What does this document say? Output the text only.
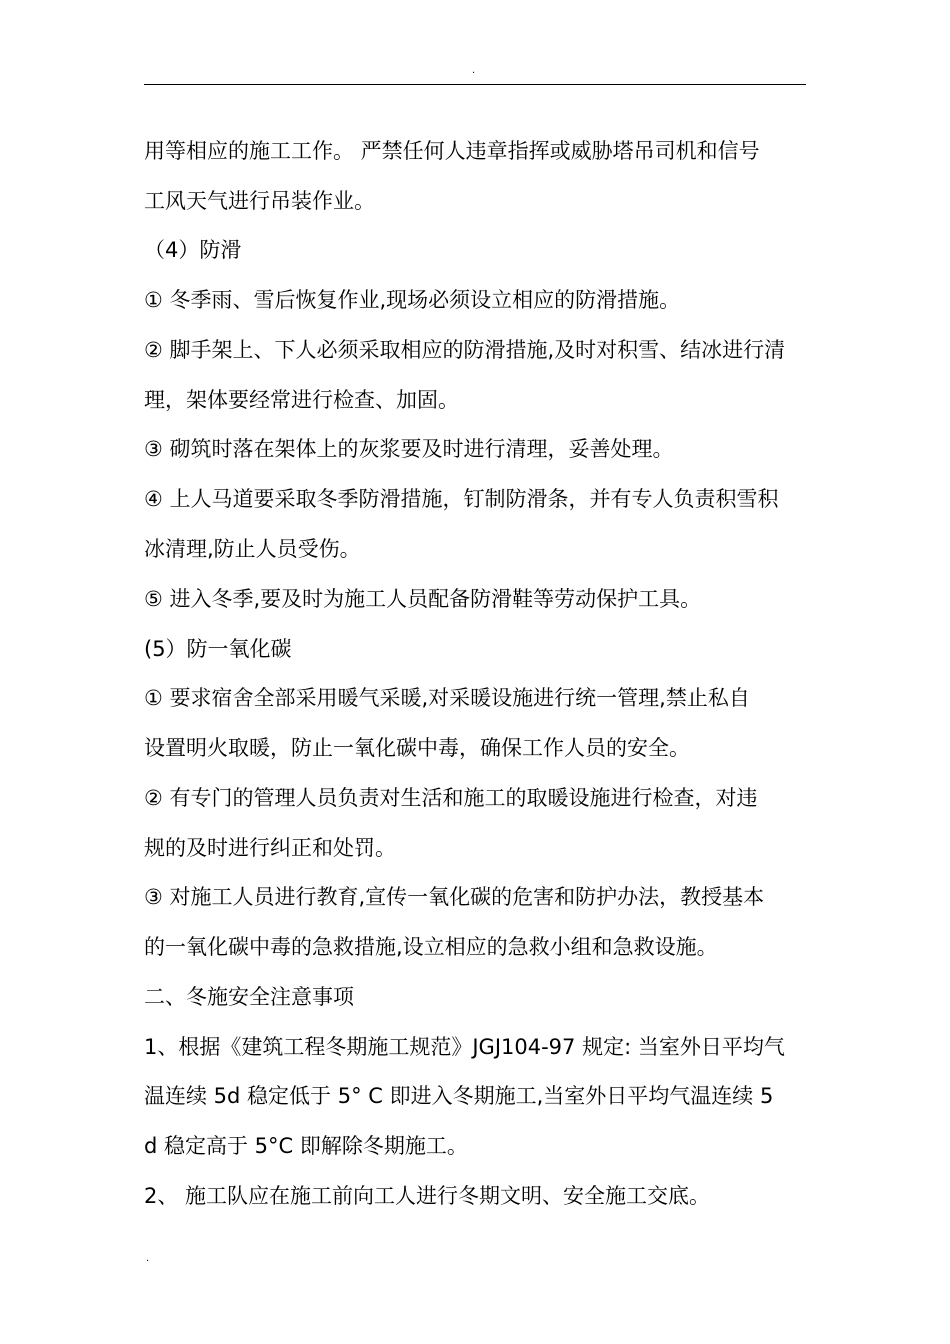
.
用等相应的施工工作。 严禁任何人违章指挥或威胁塔吊司机和信号
工风天气进行吊装作业。
（4）防滑
① 冬季雨、雪后恢复作业,现场必须设立相应的防滑措施。
② 脚手架上、下人必须采取相应的防滑措施,及时对积雪、结冰进行清
理，架体要经常进行检查、加固。
③ 砌筑时落在架体上的灰浆要及时进行清理，妥善处理。
④ 上人马道要采取冬季防滑措施，钉制防滑条，并有专人负责积雪积
冰清理,防止人员受伤。
⑤ 进入冬季,要及时为施工人员配备防滑鞋等劳动保护工具。
(5）防一氧化碳
① 要求宿舍全部采用暖气采暖,对采暖设施进行统一管理,禁止私自
设置明火取暖，防止一氧化碳中毒，确保工作人员的安全。
② 有专门的管理人员负责对生活和施工的取暖设施进行检查，对违
规的及时进行纠正和处罚。
③ 对施工人员进行教育,宣传一氧化碳的危害和防护办法，教授基本
的一氧化碳中毒的急救措施,设立相应的急救小组和急救设施。
二、冬施安全注意事项
1、根据《建筑工程冬期施工规范》JGJ104-97 规定: 当室外日平均气
温连续 5d 稳定低于 5° C 即进入冬期施工,当室外日平均气温连续 5
d 稳定高于 5°C 即解除冬期施工。
2、 施工队应在施工前向工人进行冬期文明、安全施工交底。
.
